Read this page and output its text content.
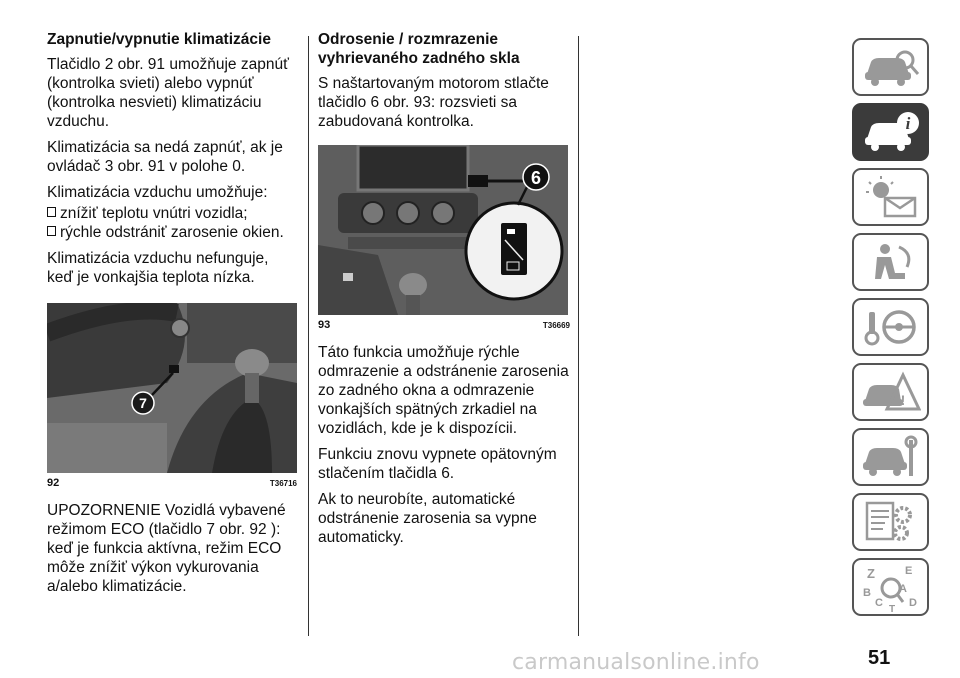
Zapnutie/vypnutie klimatizácie

Tlačidlo 2 obr. 91 umožňuje zapnúť (kontrolka svieti) alebo vypnúť (kontrolka nesvieti) klimatizáciu vzduchu.

Klimatizácia sa nedá zapnúť, ak je ovládač 3 obr. 91 v polohe 0.

Klimatizácia vzduchu umožňuje:

znížiť teplotu vnútri vozidla;
rýchle odstrániť zarosenie okien.

Klimatizácia vzduchu nefunguje, keď je vonkajšia teplota nízka.

7
92	T36716

UPOZORNENIE Vozidlá vybavené režimom ECO (tlačidlo 7 obr. 92 ): keď je funkcia aktívna, režim ECO môže znížiť výkon vykurovania a/alebo klimatizácie.

Odrosenie / rozmrazenie vyhrievaného zadného skla

S naštartovaným motorom stlačte tlačidlo 6 obr. 93: rozsvieti sa zabudovaná kontrolka.

6
93	T36669

Táto funkcia umožňuje rýchle odmrazenie a odstránenie zarosenia zo zadného okna a odmrazenie vonkajších spätných zrkadiel na vozidlách, kde je k dispozícii.

Funkciu znovu vypnete opätovným stlačením tlačidla 6.

Ak to neurobíte, automatické odstránenie zarosenia sa vypne automaticky.

i
!
Z	E
B	A
C D
T
51
carmanualsonline.info
